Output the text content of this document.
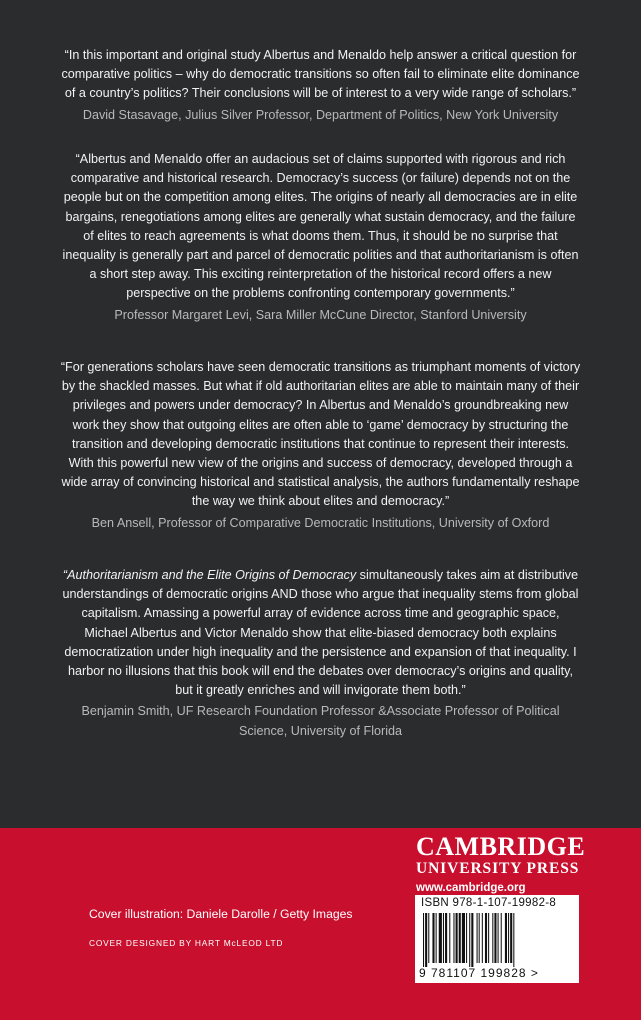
“In this important and original study Albertus and Menaldo help answer a critical question for comparative politics – why do democratic transitions so often fail to eliminate elite dominance of a country’s politics? Their conclusions will be of interest to a very wide range of scholars.”

David Stasavage, Julius Silver Professor, Department of Politics, New York University

“Albertus and Menaldo offer an audacious set of claims supported with rigorous and rich comparative and historical research. Democracy’s success (or failure) depends not on the people but on the competition among elites. The origins of nearly all democracies are in elite bargains, renegotiations among elites are generally what sustain democracy, and the failure of elites to reach agreements is what dooms them. Thus, it should be no surprise that inequality is generally part and parcel of democratic polities and that authoritarianism is often a short step away. This exciting reinterpretation of the historical record offers a new perspective on the problems confronting contemporary governments.”

Professor Margaret Levi, Sara Miller McCune Director, Stanford University

“For generations scholars have seen democratic transitions as triumphant moments of victory by the shackled masses. But what if old authoritarian elites are able to maintain many of their privileges and powers under democracy? In Albertus and Menaldo’s groundbreaking new work they show that outgoing elites are often able to ‘game’ democracy by structuring the transition and developing democratic institutions that continue to represent their interests. With this powerful new view of the origins and success of democracy, developed through a wide array of convincing historical and statistical analysis, the authors fundamentally reshape the way we think about elites and democracy.”

Ben Ansell, Professor of Comparative Democratic Institutions, University of Oxford

“Authoritarianism and the Elite Origins of Democracy simultaneously takes aim at distributive understandings of democratic origins AND those who argue that inequality stems from global capitalism. Amassing a powerful array of evidence across time and geographic space, Michael Albertus and Victor Menaldo show that elite-biased democracy both explains democratization under high inequality and the persistence and expansion of that inequality. I harbor no illusions that this book will end the debates over democracy’s origins and quality, but it greatly enriches and will invigorate them both.”

Benjamin Smith, UF Research Foundation Professor &Associate Professor of Political Science, University of Florida

CAMBRIDGE
UNIVERSITY PRESS
www.cambridge.org
Cover illustration: Daniele Darolle / Getty Images
COVER DESIGNED BY HART McLEOD LTD
ISBN 978-1-107-19982-8
9 781107 199828 >
